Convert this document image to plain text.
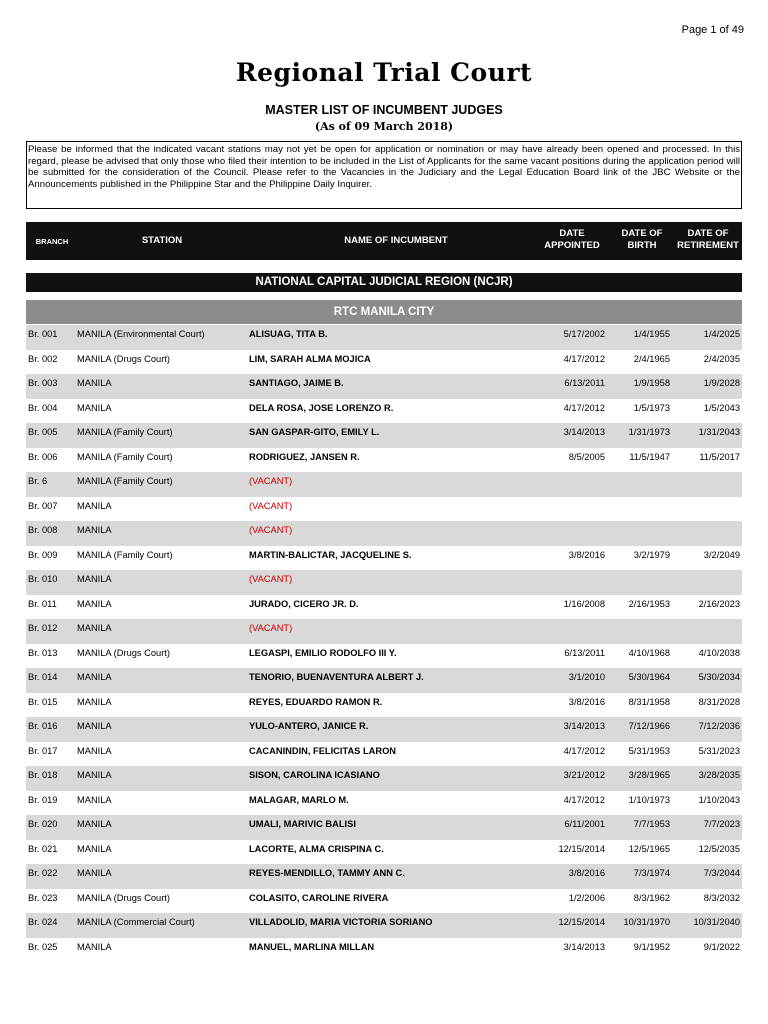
Page 1 of 49
Regional Trial Court
MASTER LIST OF INCUMBENT JUDGES
(As of 09 March 2018)
Please be informed that the indicated vacant stations may not yet be open for application or nomination or may have already been opened and processed. In this regard, please be advised that only those who filed their intention to be included in the List of Applicants for the same vacant positions during the application period will be submitted for the consideration of the Council. Please refer to the Vacancies in the Judiciary and the Legal Education Board link of the JBC Website or the Announcements published in the Philippine Star and the Philippine Daily Inquirer.
BRANCH	STATION	NAME OF INCUMBENT
DATE
APPOINTED
DATE OF
BIRTH
DATE OF
RETIREMENT
NATIONAL CAPITAL JUDICIAL REGION (NCJR)
RTC MANILA CITY
Br. 001 MANILA (Environmental Court)	ALISUAG, TITA B.	5/17/2002	1/4/1955	1/4/2025
Br. 002 MANILA (Drugs Court)	LIM, SARAH ALMA MOJICA	4/17/2012	2/4/1965	2/4/2035
Br. 003 MANILA	SANTIAGO, JAIME B.	6/13/2011	1/9/1958	1/9/2028
Br. 004 MANILA	DELA ROSA, JOSE LORENZO R.	4/17/2012	1/5/1973	1/5/2043
Br. 005 MANILA (Family Court)	SAN GASPAR-GITO, EMILY L.	3/14/2013	1/31/1973	1/31/2043
Br. 006 MANILA (Family Court)	RODRIGUEZ, JANSEN R.	8/5/2005	11/5/1947	11/5/2017
Br. 6	MANILA (Family Court)	(VACANT)
Br. 007 MANILA	(VACANT)
Br. 008 MANILA	(VACANT)
Br. 009 MANILA (Family Court)	MARTIN-BALICTAR, JACQUELINE S.	3/8/2016	3/2/1979	3/2/2049
Br. 010 MANILA	(VACANT)
Br. 011 MANILA	JURADO, CICERO JR. D.	1/16/2008	2/16/1953	2/16/2023
Br. 012 MANILA	(VACANT)
Br. 013 MANILA (Drugs Court)	LEGASPI, EMILIO RODOLFO III Y.	6/13/2011	4/10/1968	4/10/2038
Br. 014 MANILA	TENORIO, BUENAVENTURA ALBERT J.	3/1/2010	5/30/1964	5/30/2034
Br. 015 MANILA	REYES, EDUARDO RAMON R.	3/8/2016	8/31/1958	8/31/2028
Br. 016 MANILA	YULO-ANTERO, JANICE R.	3/14/2013	7/12/1966	7/12/2036
Br. 017 MANILA	CACANINDIN, FELICITAS LARON	4/17/2012	5/31/1953	5/31/2023
Br. 018 MANILA	SISON, CAROLINA ICASIANO	3/21/2012	3/28/1965	3/28/2035
Br. 019 MANILA	MALAGAR, MARLO M.	4/17/2012	1/10/1973	1/10/2043
Br. 020 MANILA	UMALI, MARIVIC BALISI	6/11/2001	7/7/1953	7/7/2023
Br. 021 MANILA	LACORTE, ALMA CRISPINA C.	12/15/2014	12/5/1965	12/5/2035
Br. 022 MANILA	REYES-MENDILLO, TAMMY ANN C.	3/8/2016	7/3/1974	7/3/2044
Br. 023 MANILA (Drugs Court)	COLASITO, CAROLINE RIVERA	1/2/2006	8/3/1962	8/3/2032
Br. 024 MANILA (Commercial Court)	VILLADOLID, MARIA VICTORIA SORIANO	12/15/2014 10/31/1970	10/31/2040
Br. 025 MANILA	MANUEL, MARLINA MILLAN	3/14/2013	9/1/1952	9/1/2022
